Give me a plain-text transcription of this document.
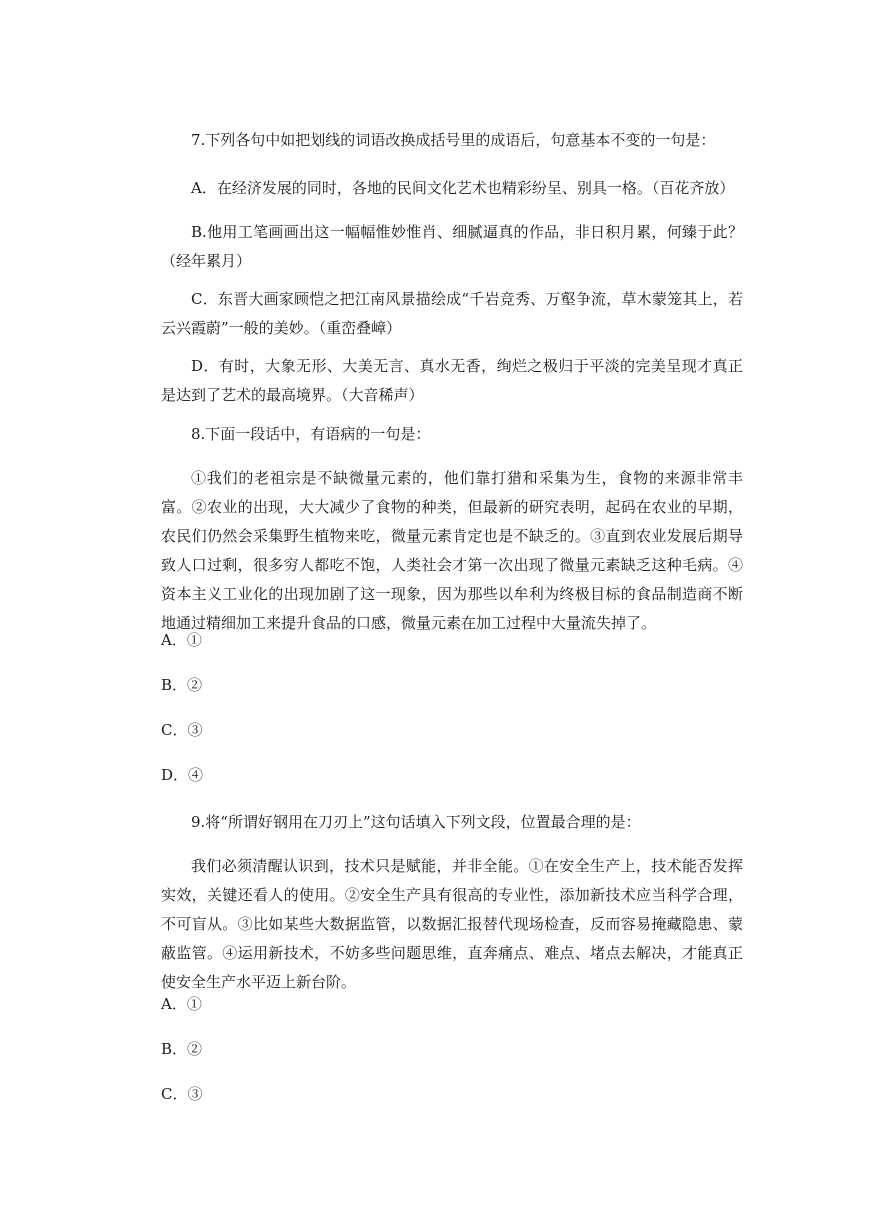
7.下列各句中如把划线的词语改换成括号里的成语后，句意基本不变的一句是：

A．在经济发展的同时，各地的民间文化艺术也精彩纷呈、别具一格。（百花齐放）

B.他用工笔画画出这一幅幅惟妙惟肖、细腻逼真的作品，非日积月累，何臻于此？（经年累月）

C．东晋大画家顾恺之把江南风景描绘成“千岩竞秀、万壑争流，草木蒙笼其上，若云兴霞蔚”一般的美妙。（重峦叠嶂）

D．有时，大象无形、大美无言、真水无香，绚烂之极归于平淡的完美呈现才真正是达到了艺术的最高境界。（大音稀声）

8.下面一段话中，有语病的一句是：

①我们的老祖宗是不缺微量元素的，他们靠打猎和采集为生，食物的来源非常丰富。②农业的出现，大大减少了食物的种类，但最新的研究表明，起码在农业的早期，农民们仍然会采集野生植物来吃，微量元素肯定也是不缺乏的。③直到农业发展后期导致人口过剩，很多穷人都吃不饱，人类社会才第一次出现了微量元素缺乏这种毛病。④资本主义工业化的出现加剧了这一现象，因为那些以牟利为终极目标的食品制造商不断地通过精细加工来提升食品的口感，微量元素在加工过程中大量流失掉了。

A．①

B．②

C．③

D．④

9.将“所谓好钢用在刀刃上”这句话填入下列文段，位置最合理的是：

我们必须清醒认识到，技术只是赋能，并非全能。①在安全生产上，技术能否发挥实效，关键还看人的使用。②安全生产具有很高的专业性，添加新技术应当科学合理，不可盲从。③比如某些大数据监管，以数据汇报替代现场检查，反而容易掩藏隐患、蒙蔽监管。④运用新技术，不妨多些问题思维，直奔痛点、难点、堵点去解决，才能真正使安全生产水平迈上新台阶。

A．①

B．②

C．③
